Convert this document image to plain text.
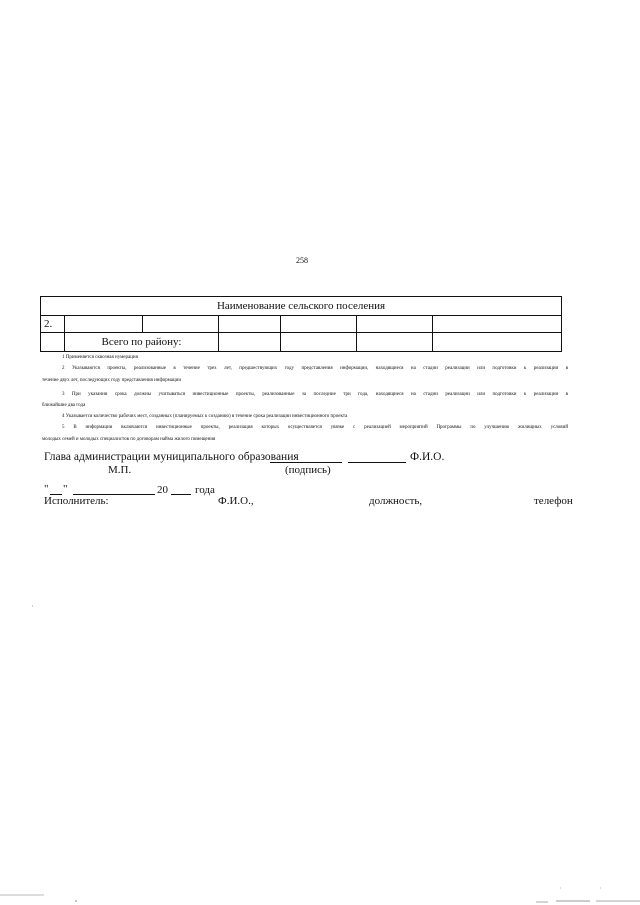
258
Наименование сельского поселения						
2.						
	Всего по району:					
1 Применяется сквозная нумерация
2 Указываются проекты, реализованные в течение трех лет, предшествующих году представления информации, находящиеся на стадии реализации или подготовки к реализации в
течение двух лет, последующих году представления информации
3 При указании срока должны учитываться инвестиционные проекты, реализованные за последние три года, находящиеся на стадии реализации или подготовки к реализации в
ближайшие два года
4 Указывается количество рабочих мест, созданных (планируемых к созданию) в течение срока реализации инвестиционного проекта
5 В информации включаются инвестиционные проекты, реализация которых осуществляется увязке с реализацией мероприятий Программы по улучшению жилищных условий
молодых семей и молодых специалистов по договорам найма жилого помещения
Глава администрации муниципального образования	Ф.И.О.
М.П.	(подпись)
" "	20 года
Исполнитель:	Ф.И.О.,	должность,	телефон
